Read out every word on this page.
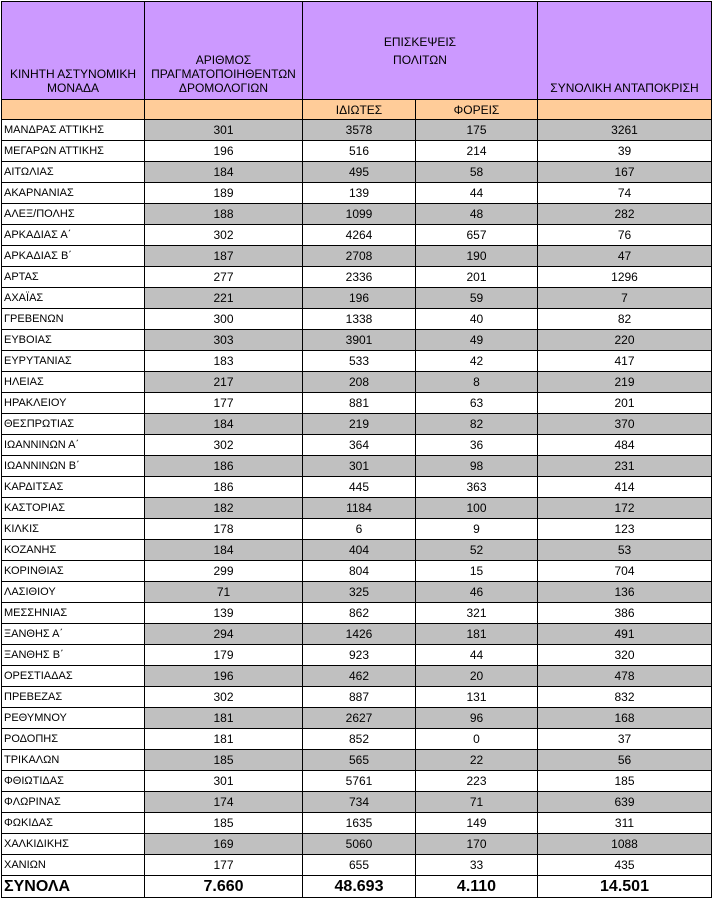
ΚΙΝΗΤΗ ΑΣΤΥΝΟΜΙΚΗ
ΜΟΝΑΔΑ	ΑΡΙΘΜΟΣ
ΠΡΑΓΜΑΤΟΠΟΙΗΘΕΝΤΩΝ
ΔΡΟΜΟΛΟΓΙΩΝ	ΕΠΙΣΚΕΨΕΙΣ
ΠΟΛΙΤΩΝ		ΣΥΝΟΛΙΚΗ ΑΝΤΑΠΟΚΡΙΣΗ
		ΙΔΙΩΤΕΣ	ΦΟΡΕΙΣ	
ΜΑΝΔΡΑΣ ΑΤΤΙΚΗΣ	301	3578	175	3261
ΜΕΓΑΡΩΝ ΑΤΤΙΚΗΣ	196	516	214	39
ΑΙΤΩΛΙΑΣ	184	495	58	167
ΑΚΑΡΝΑΝΙΑΣ	189	139	44	74
ΑΛΕΞ/ΠΟΛΗΣ	188	1099	48	282
ΑΡΚΑΔΙΑΣ Α΄	302	4264	657	76
ΑΡΚΑΔΙΑΣ Β΄	187	2708	190	47
ΑΡΤΑΣ	277	2336	201	1296
ΑΧΑΪΑΣ	221	196	59	7
ΓΡΕΒΕΝΩΝ	300	1338	40	82
ΕΥΒΟΙΑΣ	303	3901	49	220
ΕΥΡΥΤΑΝΙΑΣ	183	533	42	417
ΗΛΕΙΑΣ	217	208	8	219
ΗΡΑΚΛΕΙΟΥ	177	881	63	201
ΘΕΣΠΡΩΤΙΑΣ	184	219	82	370
ΙΩΑΝΝΙΝΩΝ Α΄	302	364	36	484
ΙΩΑΝΝΙΝΩΝ Β΄	186	301	98	231
ΚΑΡΔΙΤΣΑΣ	186	445	363	414
ΚΑΣΤΟΡΙΑΣ	182	1184	100	172
ΚΙΛΚΙΣ	178	6	9	123
ΚΟΖΑΝΗΣ	184	404	52	53
ΚΟΡΙΝΘΙΑΣ	299	804	15	704
ΛΑΣΙΘΙΟΥ	71	325	46	136
ΜΕΣΣΗΝΙΑΣ	139	862	321	386
ΞΑΝΘΗΣ Α΄	294	1426	181	491
ΞΑΝΘΗΣ Β΄	179	923	44	320
ΟΡΕΣΤΙΑΔΑΣ	196	462	20	478
ΠΡΕΒΕΖΑΣ	302	887	131	832
ΡΕΘΥΜΝΟΥ	181	2627	96	168
ΡΟΔΟΠΗΣ	181	852	0	37
ΤΡΙΚΑΛΩΝ	185	565	22	56
ΦΘΙΩΤΙΔΑΣ	301	5761	223	185
ΦΛΩΡΙΝΑΣ	174	734	71	639
ΦΩΚΙΔΑΣ	185	1635	149	311
ΧΑΛΚΙΔΙΚΗΣ	169	5060	170	1088
ΧΑΝΙΩΝ	177	655	33	435
ΣΥΝΟΛΑ	7.660	48.693	4.110	14.501
